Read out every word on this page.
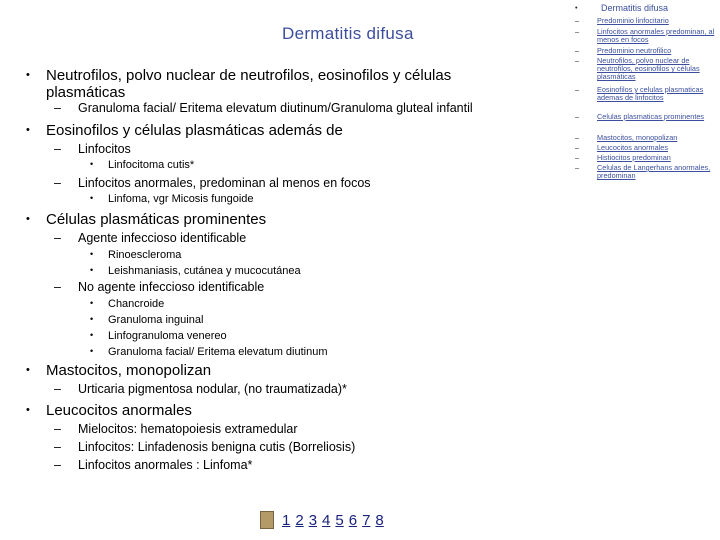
Dermatitis difusa
• Neutrofilos, polvo nuclear de neutrofilos, eosinofilos y células plasmáticas
– Granuloma facial/ Eritema elevatum diutinum/Granuloma gluteal infantil
• Eosinofilos y células plasmáticas además de
– Linfocitos
• Linfocitoma cutis*
– Linfocitos anormales, predominan al menos en focos
• Linfoma, vgr Micosis fungoide
• Células plasmáticas prominentes
– Agente infeccioso identificable
• Rinoescleroma
• Leishmaniasis, cutánea y mucocutánea
– No agente infeccioso identificable
• Chancroide
• Granuloma inguinal
• Linfogranuloma venereo
• Granuloma facial/ Eritema elevatum diutinum
• Mastocitos, monopolizan
– Urticaria pigmentosa nodular, (no traumatizada)*
• Leucocitos anormales
– Mielocitos: hematopoiesis extramedular
– Linfocitos: Linfadenosis benigna cutis (Borreliosis)
– Linfocitos anormales : Linfoma*
1 2 3 4 5 6 7 8
•	Dermatitis difusa
– Predominio linfocitario
– Linfocitos anormales predominan, al menos en focos
– Predominio neutrofilico
– Neutrofilos, polvo nuclear de neutrofilos, eosinofilos y células plasmáticas
– Eosinofilos y celulas plasmaticas ademas de linfocitos
– Celulas plasmaticas prominentes
– Mastocitos, monopolizan
– Leucocitos anormales
– Histiocitos predominan
– Celulas de Langerhans anormales, predominan
